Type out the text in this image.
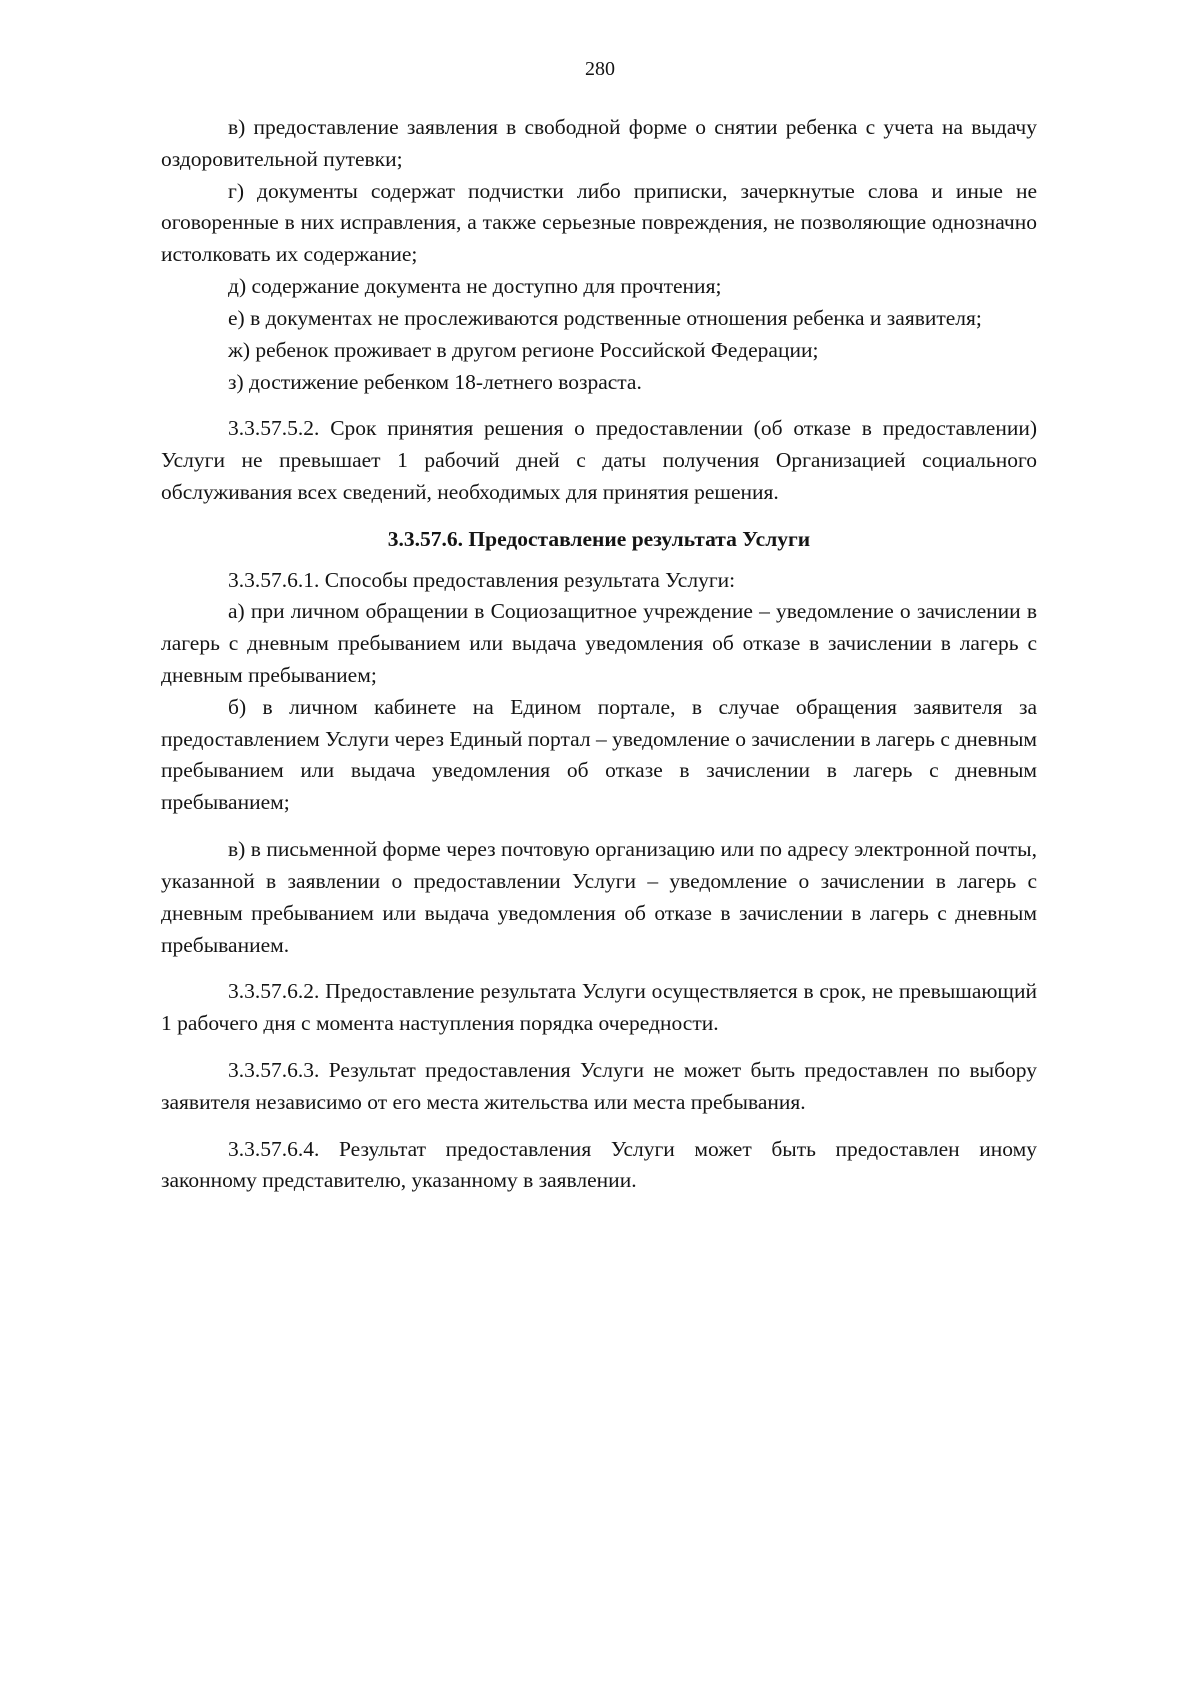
280

в) предоставление заявления в свободной форме о снятии ребенка с учета на выдачу оздоровительной путевки;

г) документы содержат подчистки либо приписки, зачеркнутые слова и иные не оговоренные в них исправления, а также серьезные повреждения, не позволяющие однозначно истолковать их содержание;

д) содержание документа не доступно для прочтения;

е) в документах не прослеживаются родственные отношения ребенка и заявителя;

ж) ребенок проживает в другом регионе Российской Федерации;

з) достижение ребенком 18-летнего возраста.

3.3.57.5.2. Срок принятия решения о предоставлении (об отказе в предоставлении) Услуги не превышает 1 рабочий дней с даты получения Организацией социального обслуживания всех сведений, необходимых для принятия решения.

3.3.57.6. Предоставление результата Услуги

3.3.57.6.1. Способы предоставления результата Услуги:

а) при личном обращении в Социозащитное учреждение – уведомление о зачислении в лагерь с дневным пребыванием или выдача уведомления об отказе в зачислении в лагерь с дневным пребыванием;

б) в личном кабинете на Едином портале, в случае обращения заявителя за предоставлением Услуги через Единый портал – уведомление о зачислении в лагерь с дневным пребыванием или выдача уведомления об отказе в зачислении в лагерь с дневным пребыванием;

в) в письменной форме через почтовую организацию или по адресу электронной почты, указанной в заявлении о предоставлении Услуги – уведомление о зачислении в лагерь с дневным пребыванием или выдача уведомления об отказе в зачислении в лагерь с дневным пребыванием.

3.3.57.6.2. Предоставление результата Услуги осуществляется в срок, не превышающий 1 рабочего дня с момента наступления порядка очередности.

3.3.57.6.3. Результат предоставления Услуги не может быть предоставлен по выбору заявителя независимо от его места жительства или места пребывания.

3.3.57.6.4. Результат предоставления Услуги может быть предоставлен иному законному представителю, указанному в заявлении.
